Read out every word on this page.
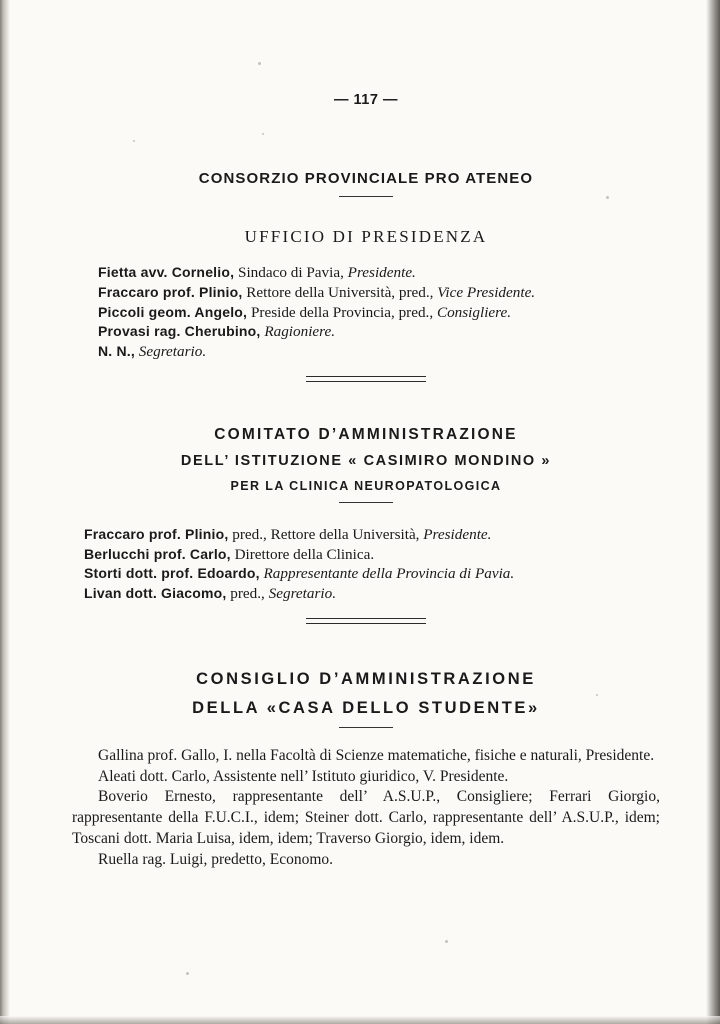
— 117 —
CONSORZIO PROVINCIALE PRO ATENEO
UFFICIO DI PRESIDENZA

Fietta avv. Cornelio, Sindaco di Pavia, Presidente.

Fraccaro prof. Plinio, Rettore della Università, pred., Vice Presidente.

Piccoli geom. Angelo, Preside della Provincia, pred., Consigliere.

Provasi rag. Cherubino, Ragioniere.

N. N., Segretario.

COMITATO D’AMMINISTRAZIONE
DELL’ ISTITUZIONE « CASIMIRO MONDINO »
PER LA CLINICA NEUROPATOLOGICA

Fraccaro prof. Plinio, pred., Rettore della Università, Presidente.

Berlucchi prof. Carlo, Direttore della Clinica.

Storti dott. prof. Edoardo, Rappresentante della Provincia di Pavia.

Livan dott. Giacomo, pred., Segretario.

CONSIGLIO D’AMMINISTRAZIONE
DELLA «CASA DELLO STUDENTE»

Gallina prof. Gallo, I. nella Facoltà di Scienze matematiche, fisiche e naturali, Presidente.

Aleati dott. Carlo, Assistente nell’ Istituto giuridico, V. Presidente.

Boverio Ernesto, rappresentante dell’ A.S.U.P., Consigliere; Ferrari Giorgio, rappresentante della F.U.C.I., idem; Steiner dott. Carlo, rappresentante dell’ A.S.U.P., idem; Toscani dott. Maria Luisa, idem, idem; Traverso Giorgio, idem, idem.

Ruella rag. Luigi, predetto, Economo.
